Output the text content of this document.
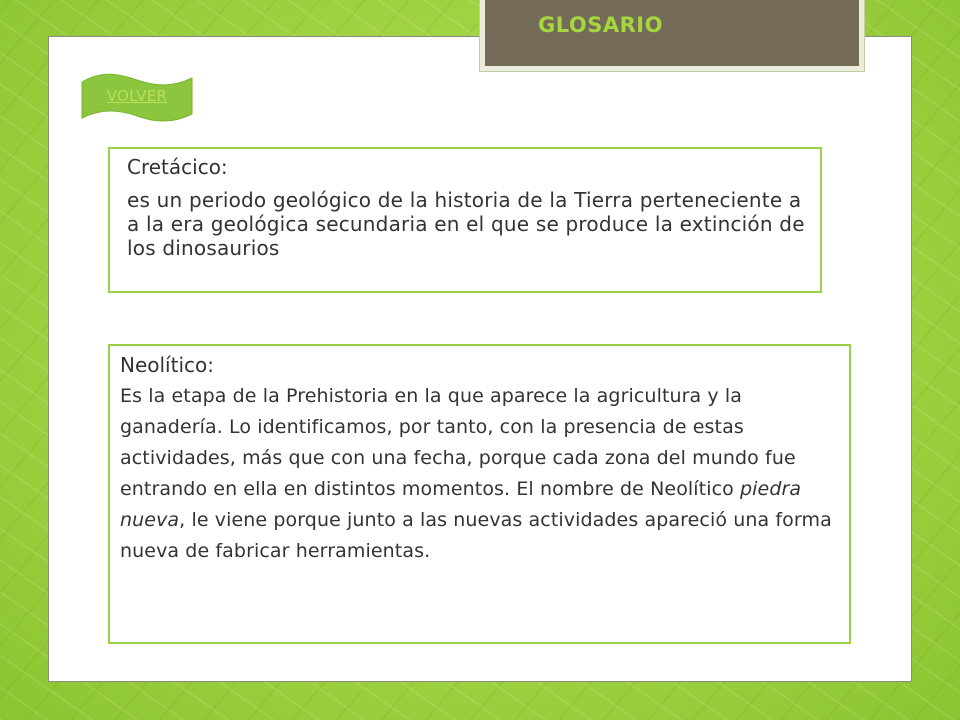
GLOSARIO
VOLVER

Cretácico:

es un periodo geológico de la historia de la Tierra perteneciente a a la era geológica secundaria en el que se produce la extinción de los dinosaurios

Neolítico:

Es la etapa de la Prehistoria en la que aparece la agricultura y la ganadería. Lo identificamos, por tanto, con la presencia de estas actividades, más que con una fecha, porque cada zona del mundo fue entrando en ella en distintos momentos. El nombre de Neolítico piedra nueva, le viene porque junto a las nuevas actividades apareció una forma nueva de fabricar herramientas.
